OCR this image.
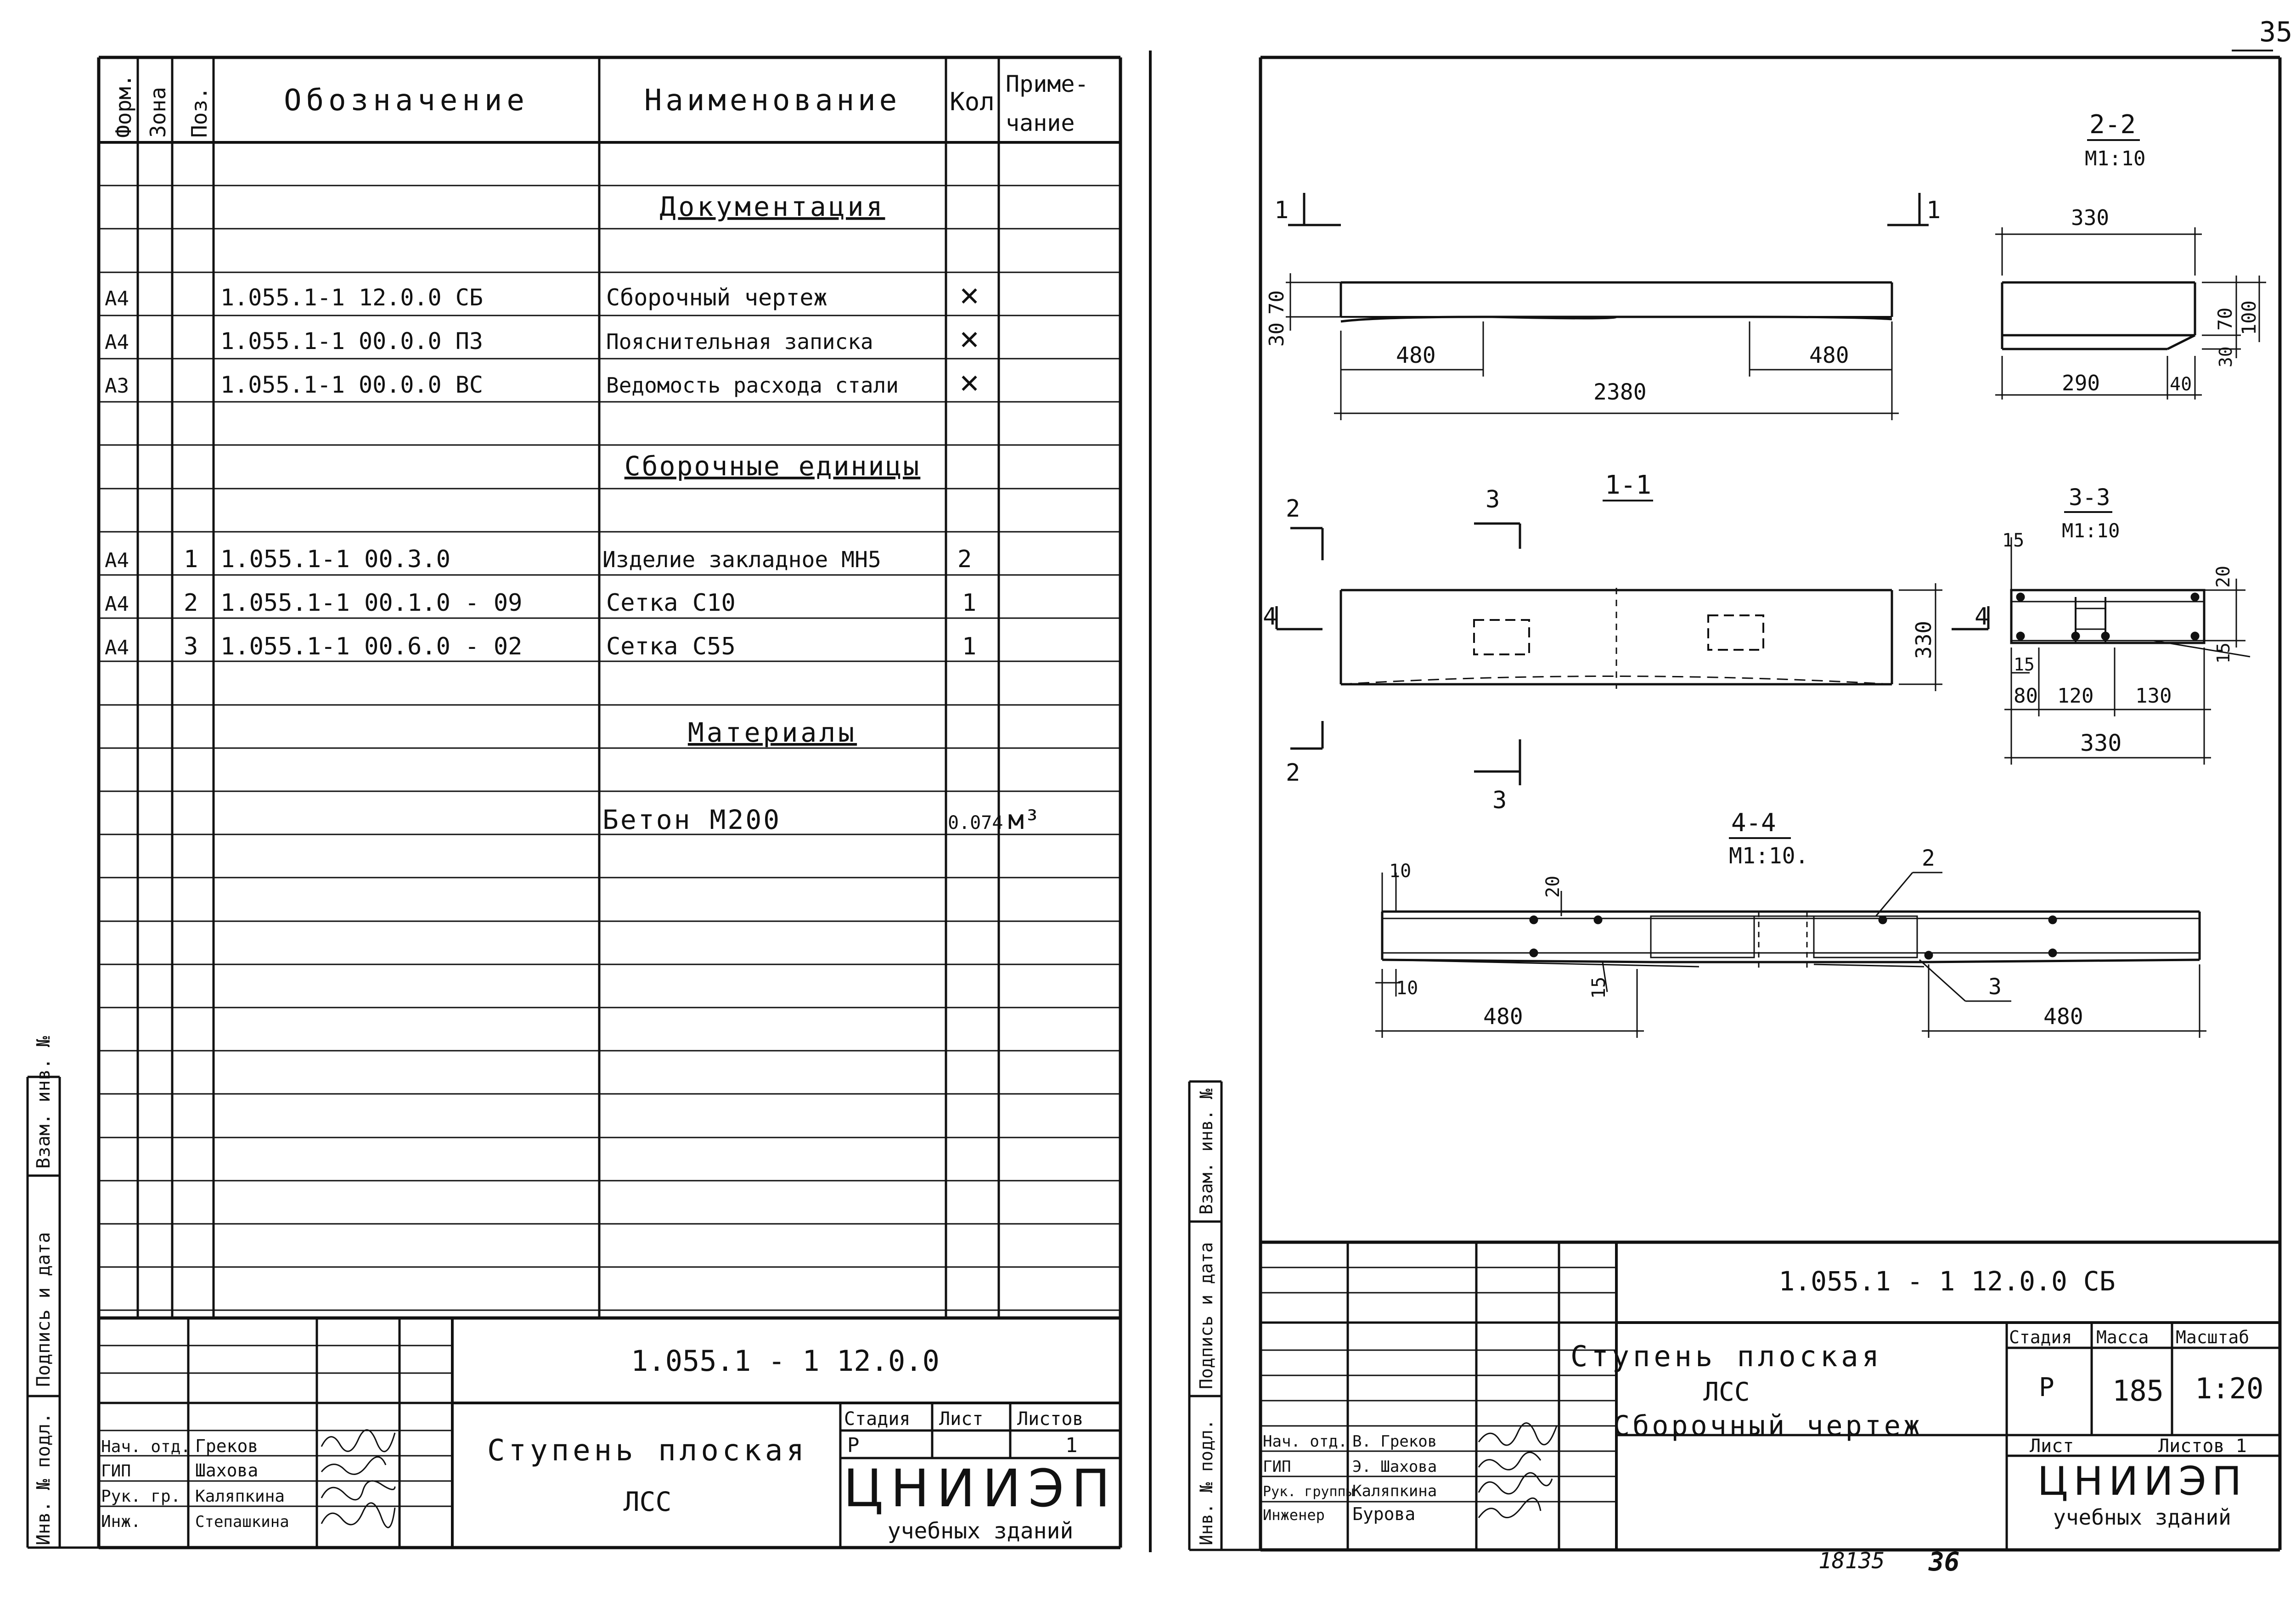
35
Форм. Зона Поз. Обозначение	Наименование Кол
Приме-
чание
Документация
Сборочные единицы
Материалы
А4	1.055.1-1 12.0.0 СБ	Сборочный чертеж	✕
А4	1.055.1-1 00.0.0 ПЗ	Пояснительная записка	✕
А3	1.055.1-1 00.0.0 ВС	Ведомость расхода стали ✕
А4 1 1.055.1-1 00.3.0	Изделие закладное МН5	2
А4 2 1.055.1-1 00.1.0 - 09	Сетка С10	1
А4 3 1.055.1-1 00.6.0 - 02	Сетка С55	1
Бетон М200	0.074 м³
Инв. № подл.
Подпись и дата
Взам. инв. №
1.055.1 - 1 12.0.0
Ступень плоская
ЛСС
Стадия Лист Листов
Р	1
ЦНИИЭП
учебных зданий
Нач. отд. Греков
ГИП	Шахова
Рук. гр. Каляпкина
Инж.	Степашкина	Инв. № подл.
Подпись и дата
Взам. инв. №
1.055.1 - 1 12.0.0 СБ
Ступень плоская
ЛСС
Сборочный чертеж
Стадия Масса Масштаб
Р 185 1:20
Лист	Листов 1
ЦНИИЭП
учебных зданий
Нач. отд. В. Греков
ГИП	Э. Шахова
Рук. группы
Каляпкина
Инженер Бурова
18135 36
1	1
480	480
2380
70
30
2-2
М1:10
330
290	40
70 100
30
1-1
2
2
3
3
4	4
330
3-3
М1:10
15
20
15
15
80 120 130
330
4-4
М1:10.
10
20
10	15
480	480
2
3
